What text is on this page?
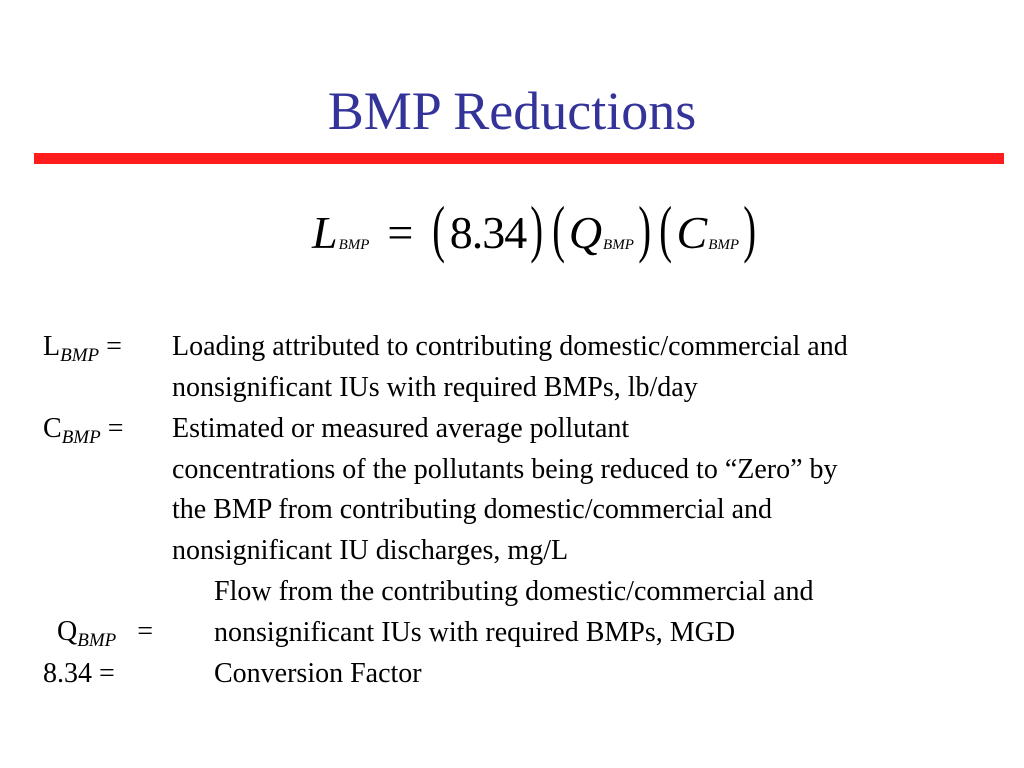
BMP Reductions
L BMP = ( 8.34 ) ( Q BMP ) ( C BMP )
$L_{BMP}$ = Loading attributed to contributing domestic/commercial and
nonsignificant IUs with required BMPs, lb/day
$C_{BMP}$ = Estimated or measured average pollutant
concentrations of the pollutants being reduced to “Zero” by
the BMP from contributing domestic/commercial and
nonsignificant IU discharges, mg/L

$Q_{BMP}$   =

Flow from the contributing domestic/commercial and
nonsignificant IUs with required BMPs, MGD
8.34 =	Conversion Factor
